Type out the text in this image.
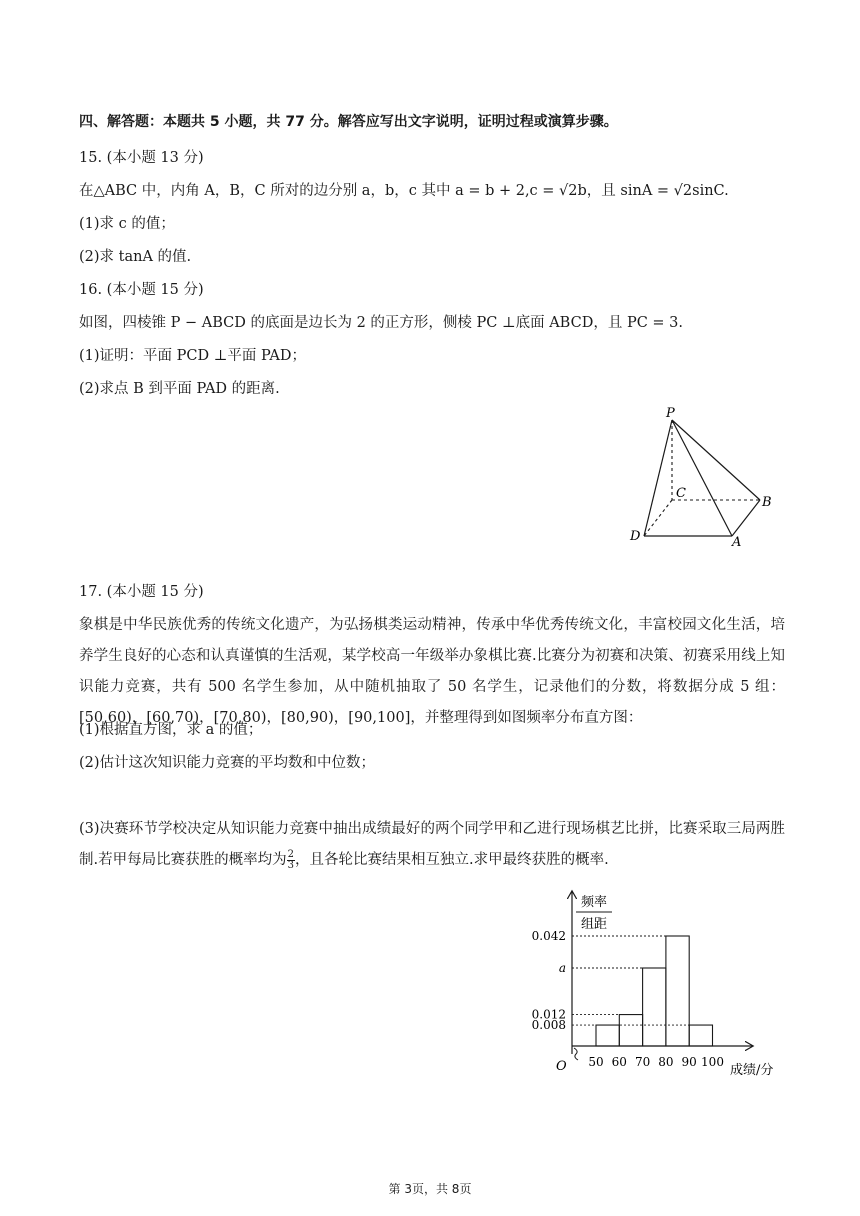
四、解答题：本题共 5 小题，共 77 分。解答应写出文字说明，证明过程或演算步骤。
15. (本小题 13 分)
在△ABC 中，内角 A，B，C 所对的边分别 a，b，c 其中 a = b + 2,c = √2b，且 sinA = √2sinC.
(1)求 c 的值；
(2)求 tanA 的值.
16. (本小题 15 分)
如图，四棱锥 P − ABCD 的底面是边长为 2 的正方形，侧棱 PC ⊥底面 ABCD，且 PC = 3.
(1)证明：平面 PCD ⊥平面 PAD；
(2)求点 B 到平面 PAD 的距离.
P
C
B
D	A
17. (本小题 15 分)
象棋是中华民族优秀的传统文化遗产，为弘扬棋类运动精神，传承中华优秀传统文化，丰富校园文化生活，培养学生良好的心态和认真谨慎的生活观，某学校高一年级举办象棋比赛.比赛分为初赛和决策、初赛采用线上知识能力竞赛，共有 500 名学生参加，从中随机抽取了 50 名学生，记录他们的分数，将数据分成 5 组：[50,60)，[60,70)，[70,80)，[80,90)，[90,100]，并整理得到如图频率分布直方图：
(1)根据直方图，求 a 的值；
(2)估计这次知识能力竞赛的平均数和中位数；
(3)决赛环节学校决定从知识能力竞赛中抽出成绩最好的两个同学甲和乙进行现场棋艺比拼，比赛采取三局两胜制.若甲每局比赛获胜的概率均为 $\frac{2}{3}$ ，且各轮比赛结果相互独立.求甲最终获胜的概率.
频率
组距
O	成绩/分
0.042
a
0.012
0.008
50 60 70 80 90 100
第 3页，共 8页
